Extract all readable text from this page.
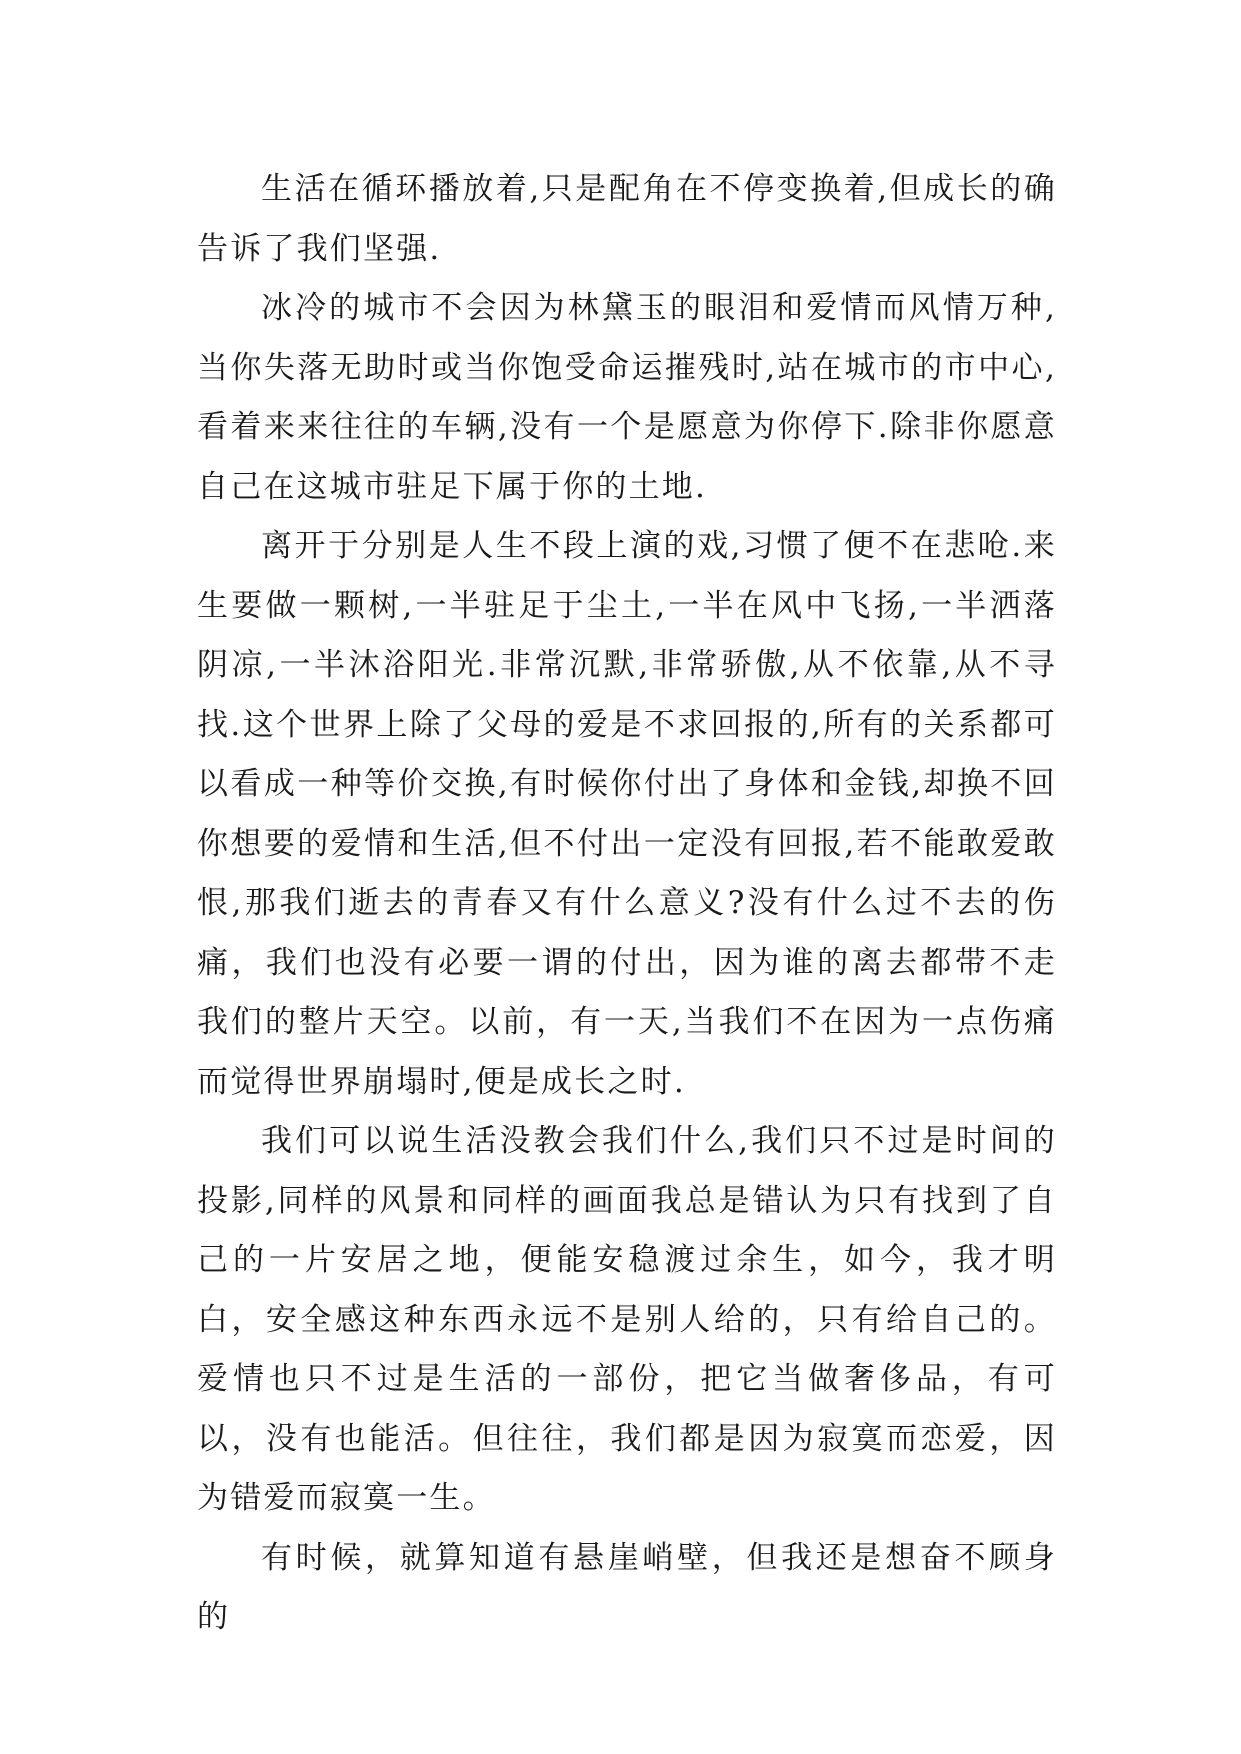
生活在循环播放着,只是配角在不停变换着,但成长的确告诉了我们坚强.

冰冷的城市不会因为林黛玉的眼泪和爱情而风情万种,当你失落无助时或当你饱受命运摧残时,站在城市的市中心,看着来来往往的车辆,没有一个是愿意为你停下.除非你愿意自己在这城市驻足下属于你的土地.

离开于分别是人生不段上演的戏,习惯了便不在悲呛.来生要做一颗树,一半驻足于尘土,一半在风中飞扬,一半洒落阴凉,一半沐浴阳光.非常沉默,非常骄傲,从不依靠,从不寻找.这个世界上除了父母的爱是不求回报的,所有的关系都可以看成一种等价交换,有时候你付出了身体和金钱,却换不回你想要的爱情和生活,但不付出一定没有回报,若不能敢爱敢恨,那我们逝去的青春又有什么意义?没有什么过不去的伤痛，我们也没有必要一谓的付出，因为谁的离去都带不走我们的整片天空。以前，有一天,当我们不在因为一点伤痛而觉得世界崩塌时,便是成长之时.

我们可以说生活没教会我们什么,我们只不过是时间的投影,同样的风景和同样的画面我总是错认为只有找到了自己的一片安居之地，便能安稳渡过余生，如今，我才明白，安全感这种东西永远不是别人给的，只有给自己的。爱情也只不过是生活的一部份，把它当做奢侈品，有可以，没有也能活。但往往，我们都是因为寂寞而恋爱，因为错爱而寂寞一生。

有时候，就算知道有悬崖峭壁，但我还是想奋不顾身的
